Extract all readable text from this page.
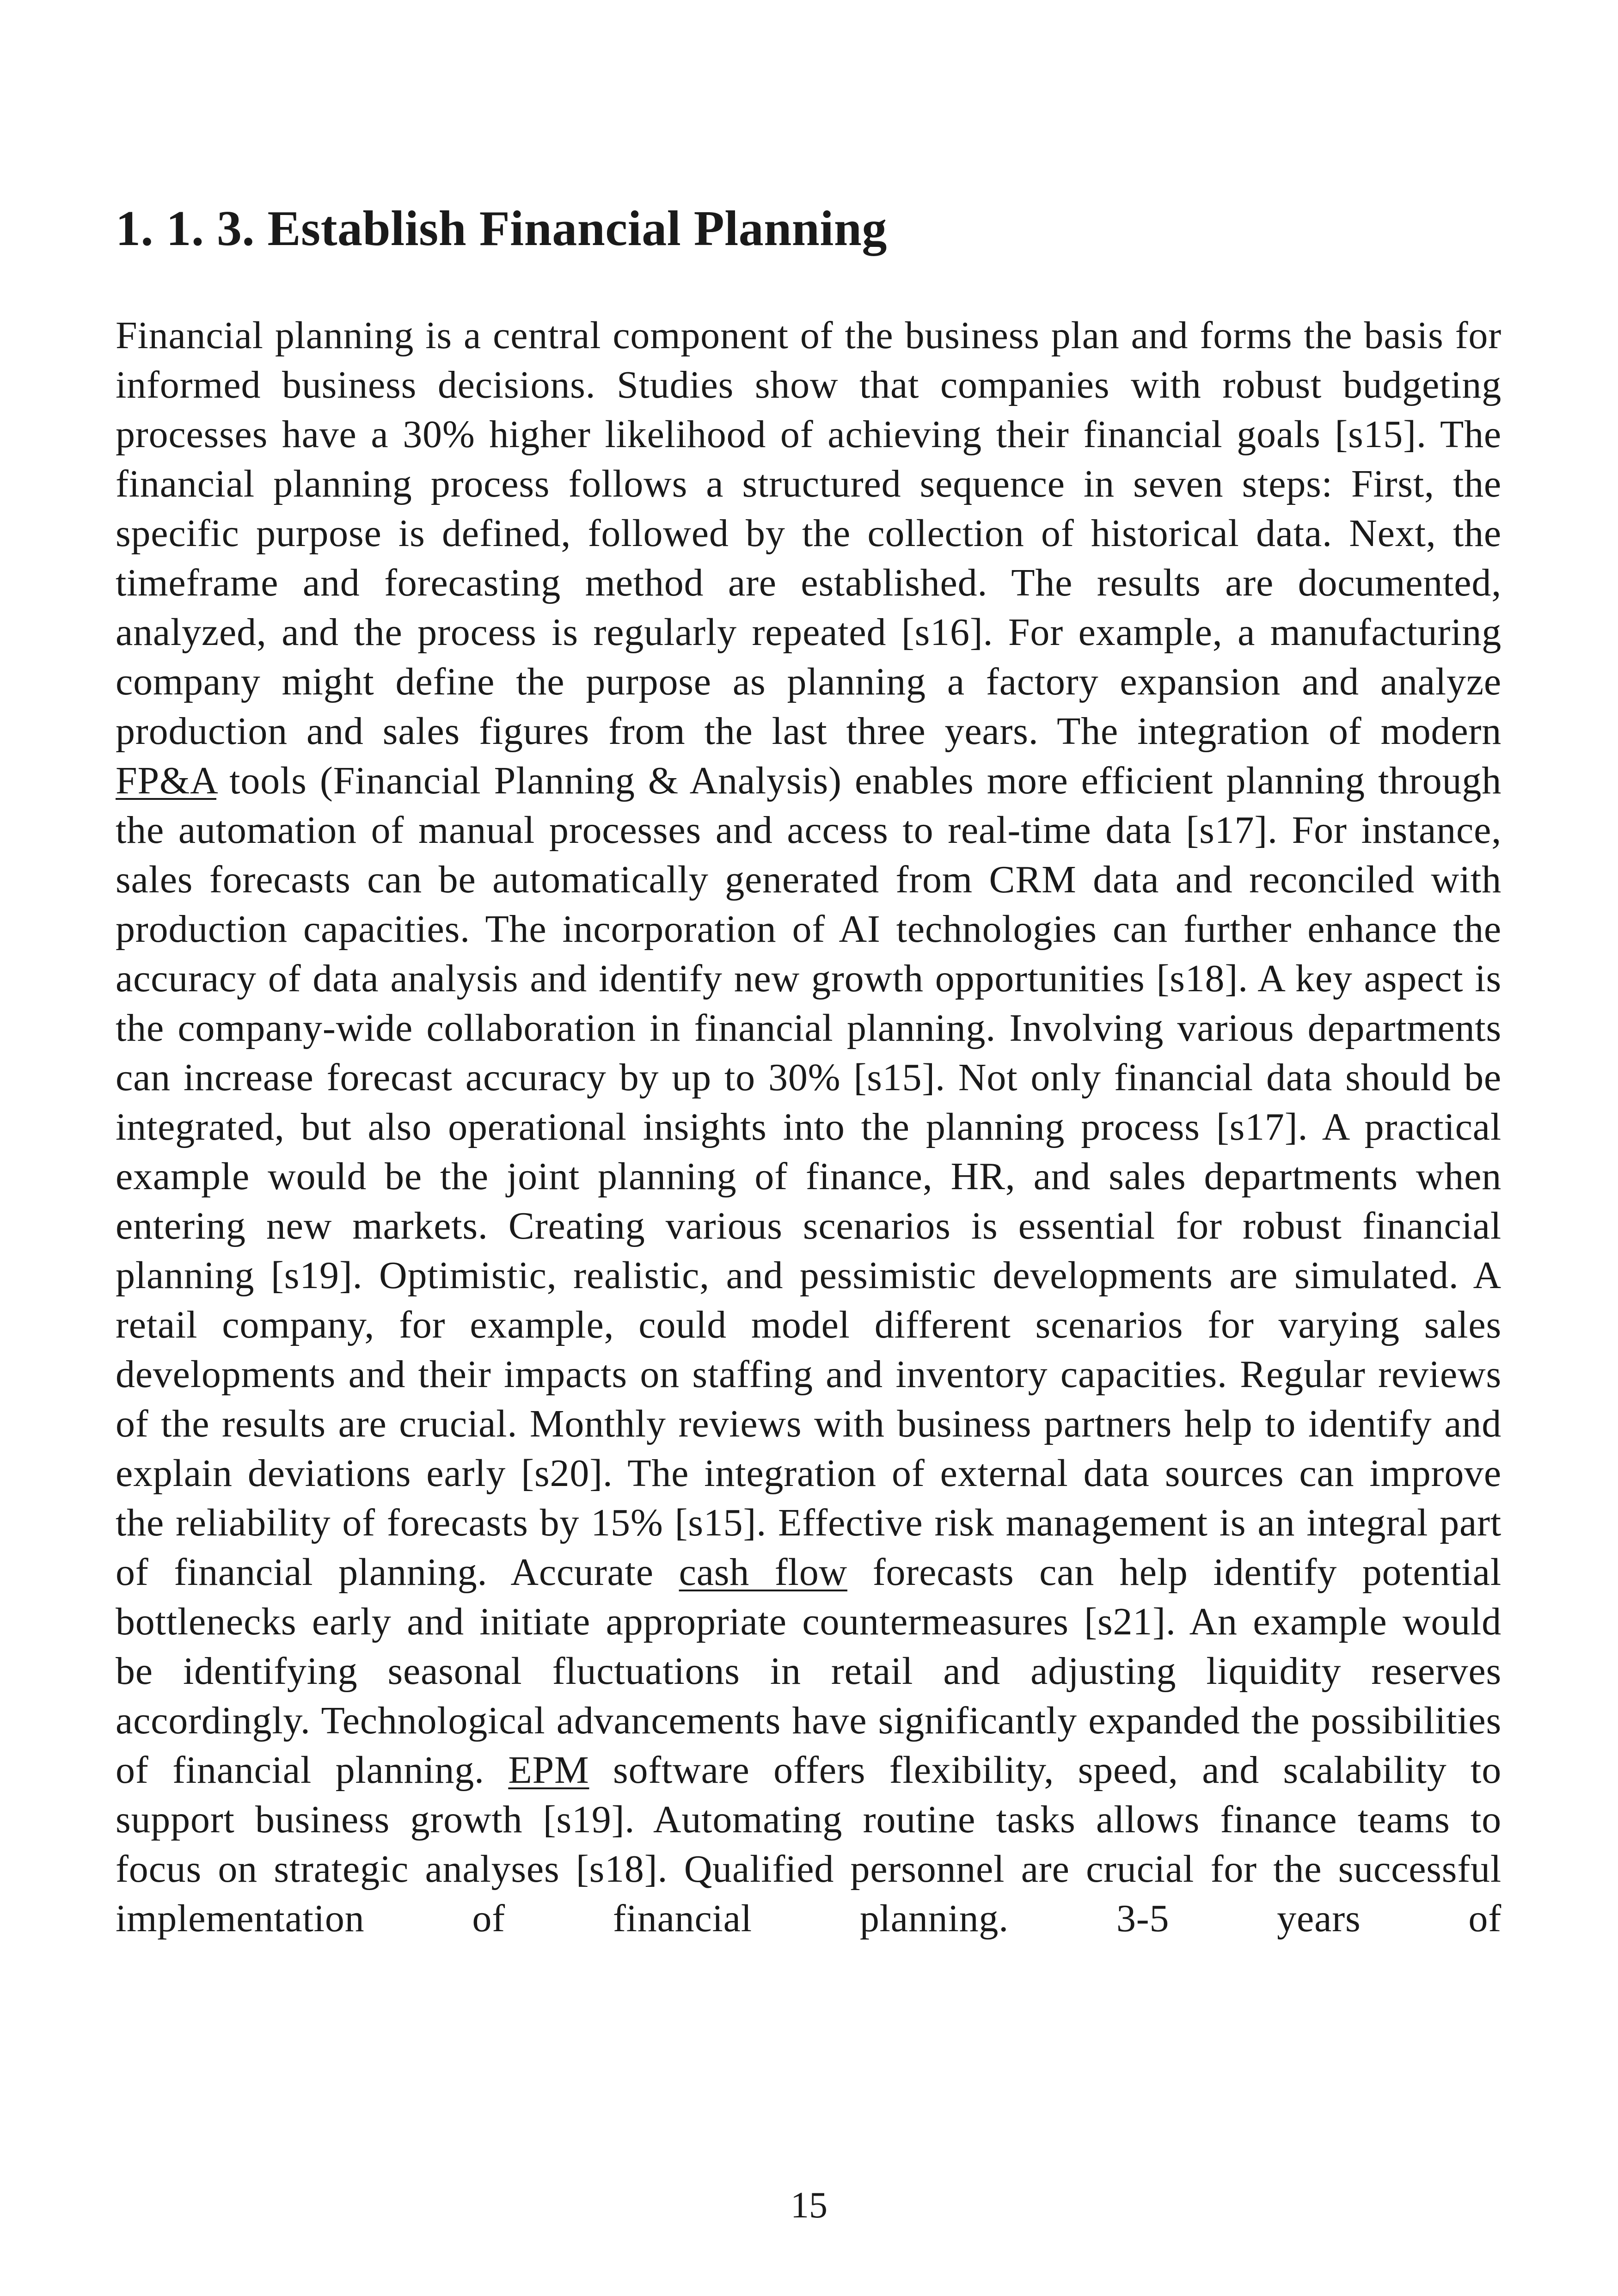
1. 1. 3. Establish Financial Planning

Financial planning is a central component of the business plan and forms the basis for informed business decisions. Studies show that companies with robust budgeting processes have a 30% higher likelihood of achieving their financial goals [s15]. The financial planning process follows a structured sequence in seven steps: First, the specific purpose is defined, followed by the collection of historical data. Next, the timeframe and forecasting method are established. The results are documented, analyzed, and the process is regularly repeated [s16]. For example, a manufacturing company might define the purpose as planning a factory expansion and analyze production and sales figures from the last three years. The integration of modern FP&A tools (Financial Planning & Analysis) enables more efficient planning through the automation of manual processes and access to real-time data [s17]. For instance, sales forecasts can be automatically generated from CRM data and reconciled with production capacities. The incorporation of AI technologies can further enhance the accuracy of data analysis and identify new growth opportunities [s18]. A key aspect is the company-wide collaboration in financial planning. Involving various departments can increase forecast accuracy by up to 30% [s15]. Not only financial data should be integrated, but also operational insights into the planning process [s17]. A practical example would be the joint planning of finance, HR, and sales departments when entering new markets. Creating various scenarios is essential for robust financial planning [s19]. Optimistic, realistic, and pessimistic developments are simulated. A retail company, for example, could model different scenarios for varying sales developments and their impacts on staffing and inventory capacities. Regular reviews of the results are crucial. Monthly reviews with business partners help to identify and explain deviations early [s20]. The integration of external data sources can improve the reliability of forecasts by 15% [s15]. Effective risk management is an integral part of financial planning. Accurate cash flow forecasts can help identify potential bottlenecks early and initiate appropriate countermeasures [s21]. An example would be identifying seasonal fluctuations in retail and adjusting liquidity reserves accordingly. Technological advancements have significantly expanded the possibilities of financial planning. EPM software offers flexibility, speed, and scalability to support business growth [s19]. Automating routine tasks allows finance teams to focus on strategic analyses [s18]. Qualified personnel are crucial for the successful implementation of financial planning. 3-5 years of

15
